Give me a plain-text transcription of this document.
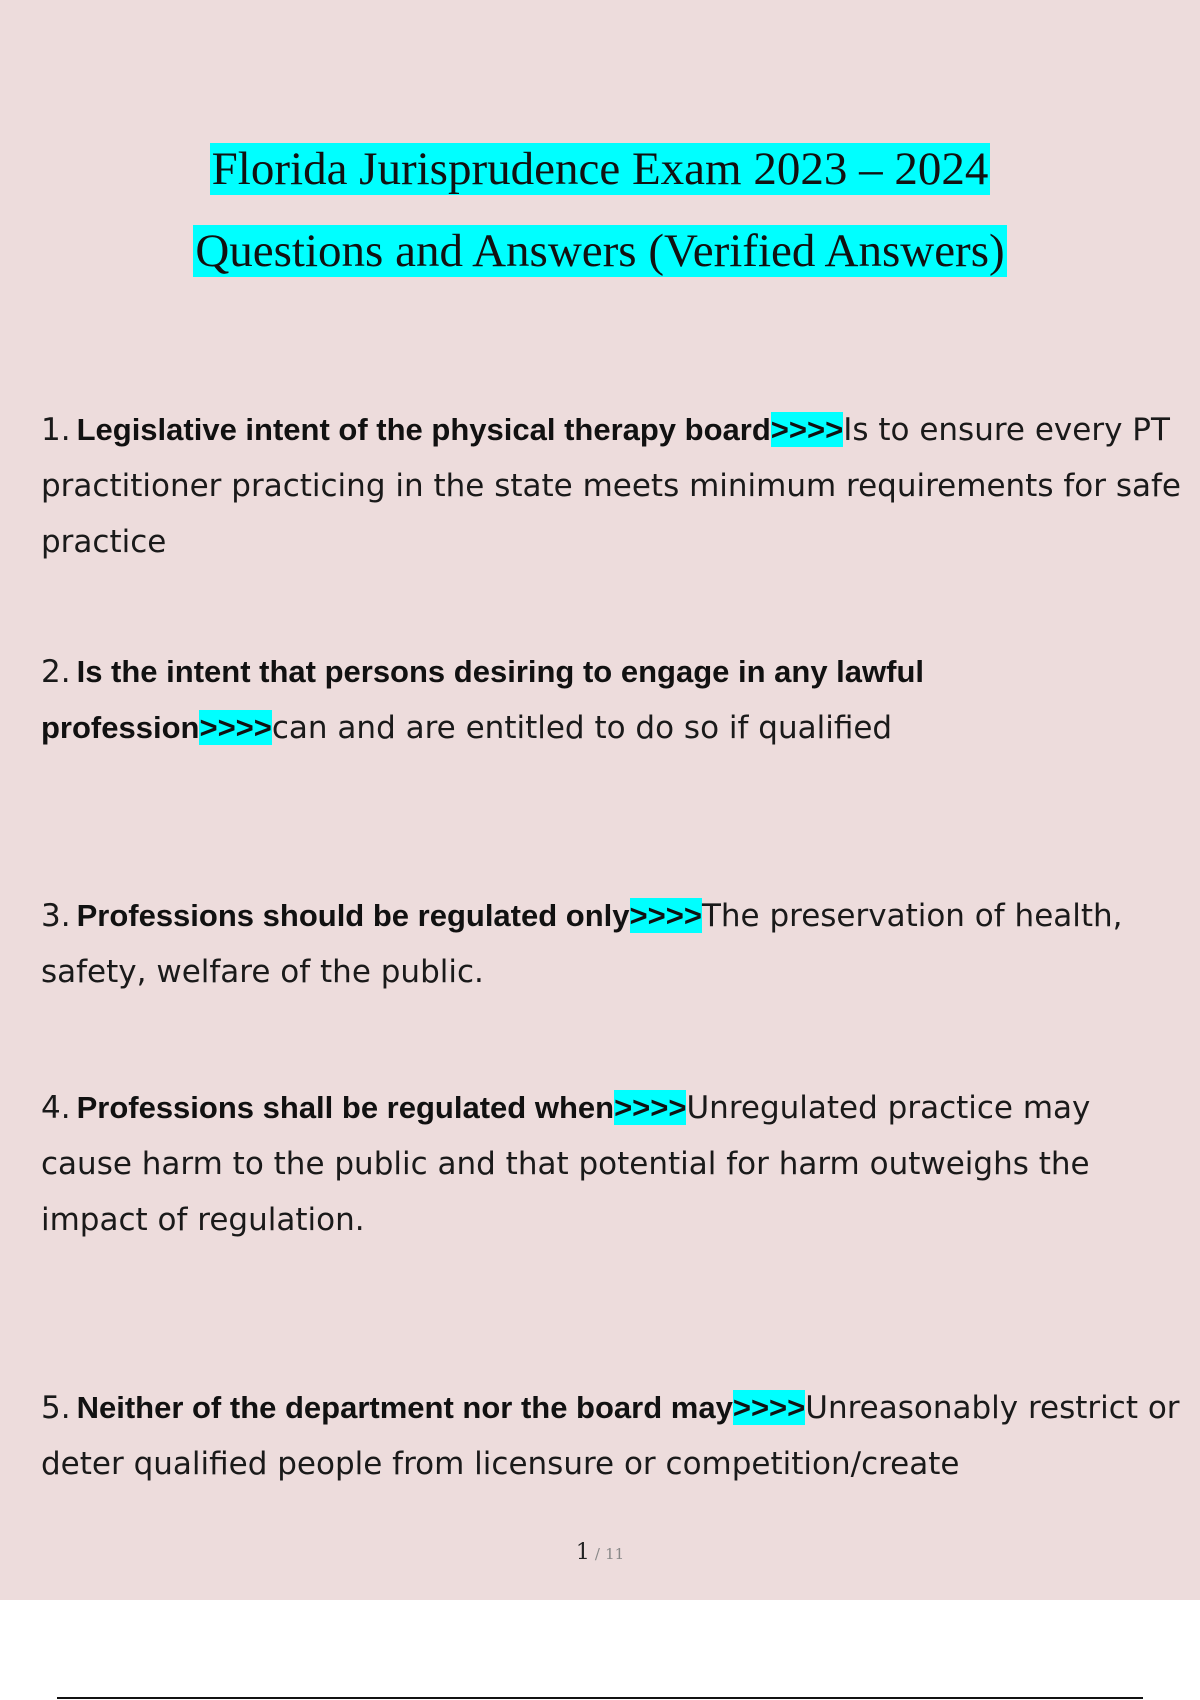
Florida Jurisprudence Exam 2023 – 2024
Questions and Answers (Verified Answers)
1. Legislative intent of the physical therapy board>>>>Is to ensure every PT practitioner practicing in the state meets minimum requirements for safe practice
2. Is the intent that persons desiring to engage in any lawful profession>>>>can and are entitled to do so if qualified
3. Professions should be regulated only>>>>The preservation of health, safety, welfare of the public.
4. Professions shall be regulated when>>>>Unregulated practice may cause harm to the public and that potential for harm outweighs the impact of regulation.
5. Neither of the department nor the board may>>>>Unreasonably restrict or deter qualified people from licensure or competition/create
1 / 11
